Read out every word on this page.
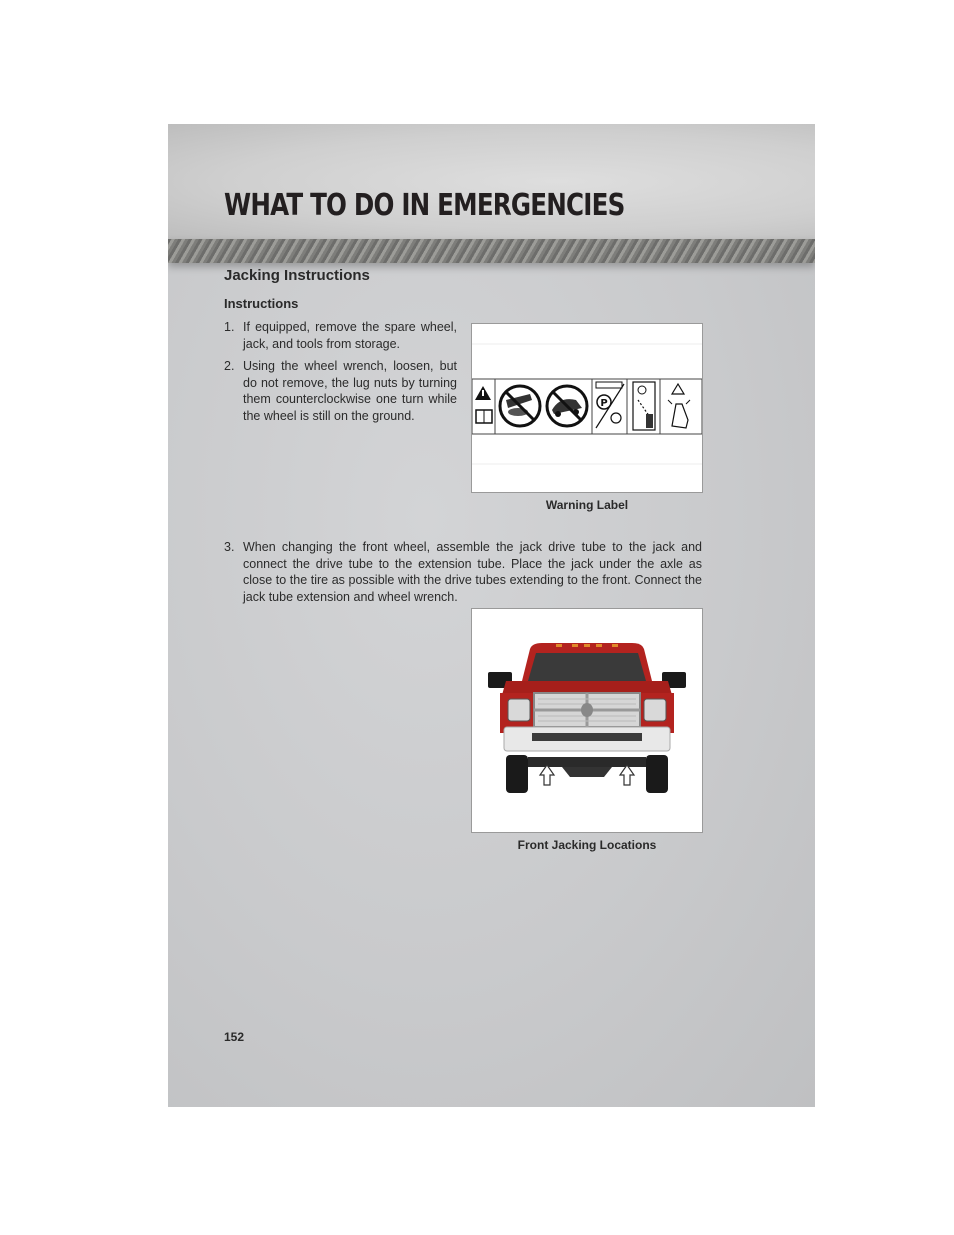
WHAT TO DO IN EMERGENCIES
Jacking Instructions
Instructions
1. If equipped, remove the spare wheel, jack, and tools from storage.
2. Using the wheel wrench, loosen, but do not remove, the lug nuts by turning them counterclockwise one turn while the wheel is still on the ground.
P
Warning Label
3. When changing the front wheel, assemble the jack drive tube to the jack and connect the drive tube to the extension tube. Place the jack under the axle as close to the tire as possible with the drive tubes extending to the front. Connect the jack tube extension and wheel wrench.
Front Jacking Locations
152
